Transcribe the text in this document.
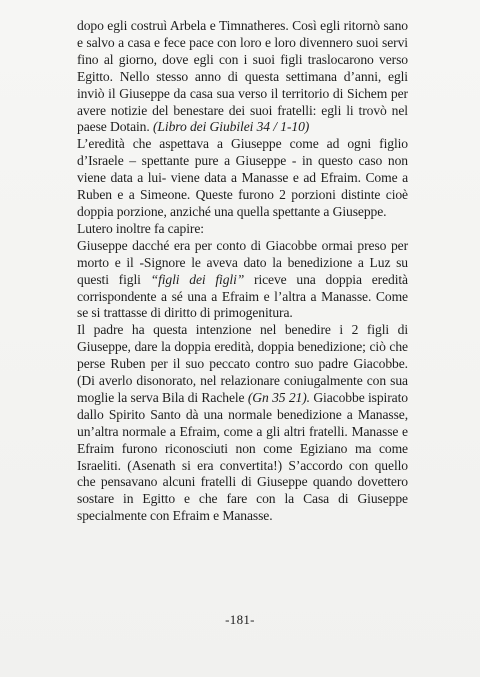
dopo egli costruì Arbela e Timnatheres. Così egli ritornò sano e salvo a casa e fece pace con loro e loro divennero suoi servi fino al giorno, dove egli con i suoi figli traslocarono verso Egitto. Nello stesso anno di questa settimana d’anni, egli inviò il Giuseppe da casa sua verso il territorio di Sichem per avere notizie del benestare dei suoi fratelli: egli li trovò nel paese Dotain. (Libro dei Giubilei 34 / 1-10)

L’eredità che aspettava a Giuseppe come ad ogni figlio d’Israele – spettante pure a Giuseppe - in questo caso non viene data a lui- viene data a Manasse e ad Efraim. Come a Ruben e a Simeone. Queste furono 2 porzioni distinte cioè doppia porzione, anziché una quella spettante a Giuseppe.

Lutero inoltre fa capire:

Giuseppe dacché era per conto di Giacobbe ormai preso per morto e il -Signore le aveva dato la benedizione a Luz su questi figli “figli dei figli” riceve una doppia eredità corrispondente a sé una a Efraim e l’altra a Manasse. Come se si trattasse di diritto di primogenitura.

Il padre ha questa intenzione nel benedire i 2 figli di Giuseppe, dare la doppia eredità, doppia benedizione; ciò che perse Ruben per il suo peccato contro suo padre Giacobbe. (Di averlo disonorato, nel relazionare coniugalmente con sua moglie la serva Bila di Rachele (Gn 35 21). Giacobbe ispirato dallo Spirito Santo dà una normale benedizione a Manasse, un’altra normale a Efraim, come a gli altri fratelli. Manasse e Efraim furono riconosciuti non come Egiziano ma come Israeliti. (Asenath si era convertita!) S’accordo con quello che pensavano alcuni fratelli di Giuseppe quando dovettero sostare in Egitto e che fare con la Casa di Giuseppe specialmente con Efraim e Manasse.

-181-
